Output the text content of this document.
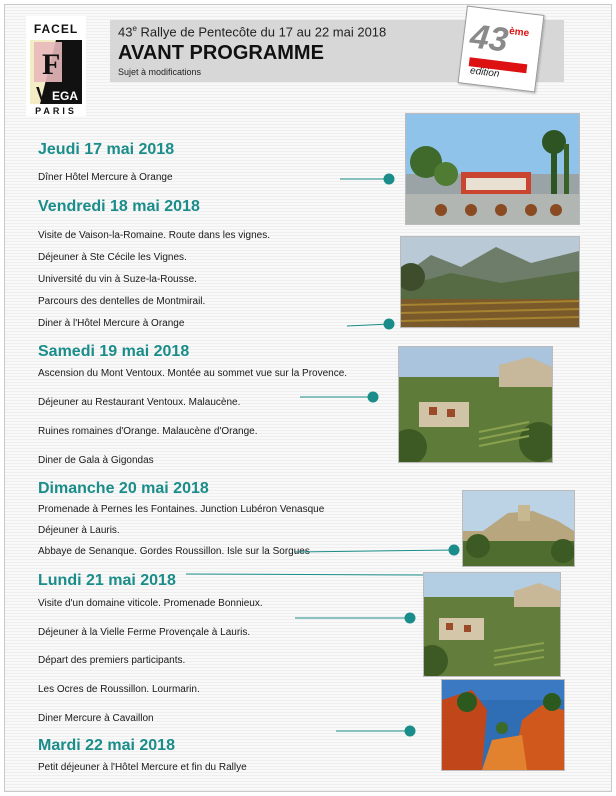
FACEL
F
V EGA
PARIS
43e Rallye de Pentecôte du 17 au 22 mai 2018
AVANT PROGRAMME
Sujet à modifications
43
ème
edition
Jeudi 17 mai 2018
Dîner Hôtel Mercure à Orange
Vendredi 18 mai 2018
Visite de Vaison-la-Romaine. Route dans les vignes.
Déjeuner à Ste Cécile les Vignes.
Université du vin à Suze-la-Rousse.
Parcours des dentelles de Montmirail.
Diner à l'Hôtel Mercure à Orange
Samedi 19 mai 2018
Ascension du Mont Ventoux. Montée au sommet vue sur la Provence.
Déjeuner au Restaurant Ventoux. Malaucène.
Ruines romaines d'Orange. Malaucène d'Orange.
Diner de Gala à Gigondas
Dimanche 20 mai 2018
Promenade à Pernes les Fontaines. Junction Lubéron Venasque
Déjeuner à Lauris.
Abbaye de Senanque. Gordes Roussillon. Isle sur la Sorgues
Lundi 21 mai 2018
Visite d'un domaine viticole. Promenade Bonnieux.
Déjeuner à la Vielle Ferme Provençale à Lauris.
Départ des premiers participants.
Les Ocres de Roussillon. Lourmarin.
Diner Mercure à Cavaillon
Mardi 22 mai 2018
Petit déjeuner à l'Hôtel Mercure et fin du Rallye
